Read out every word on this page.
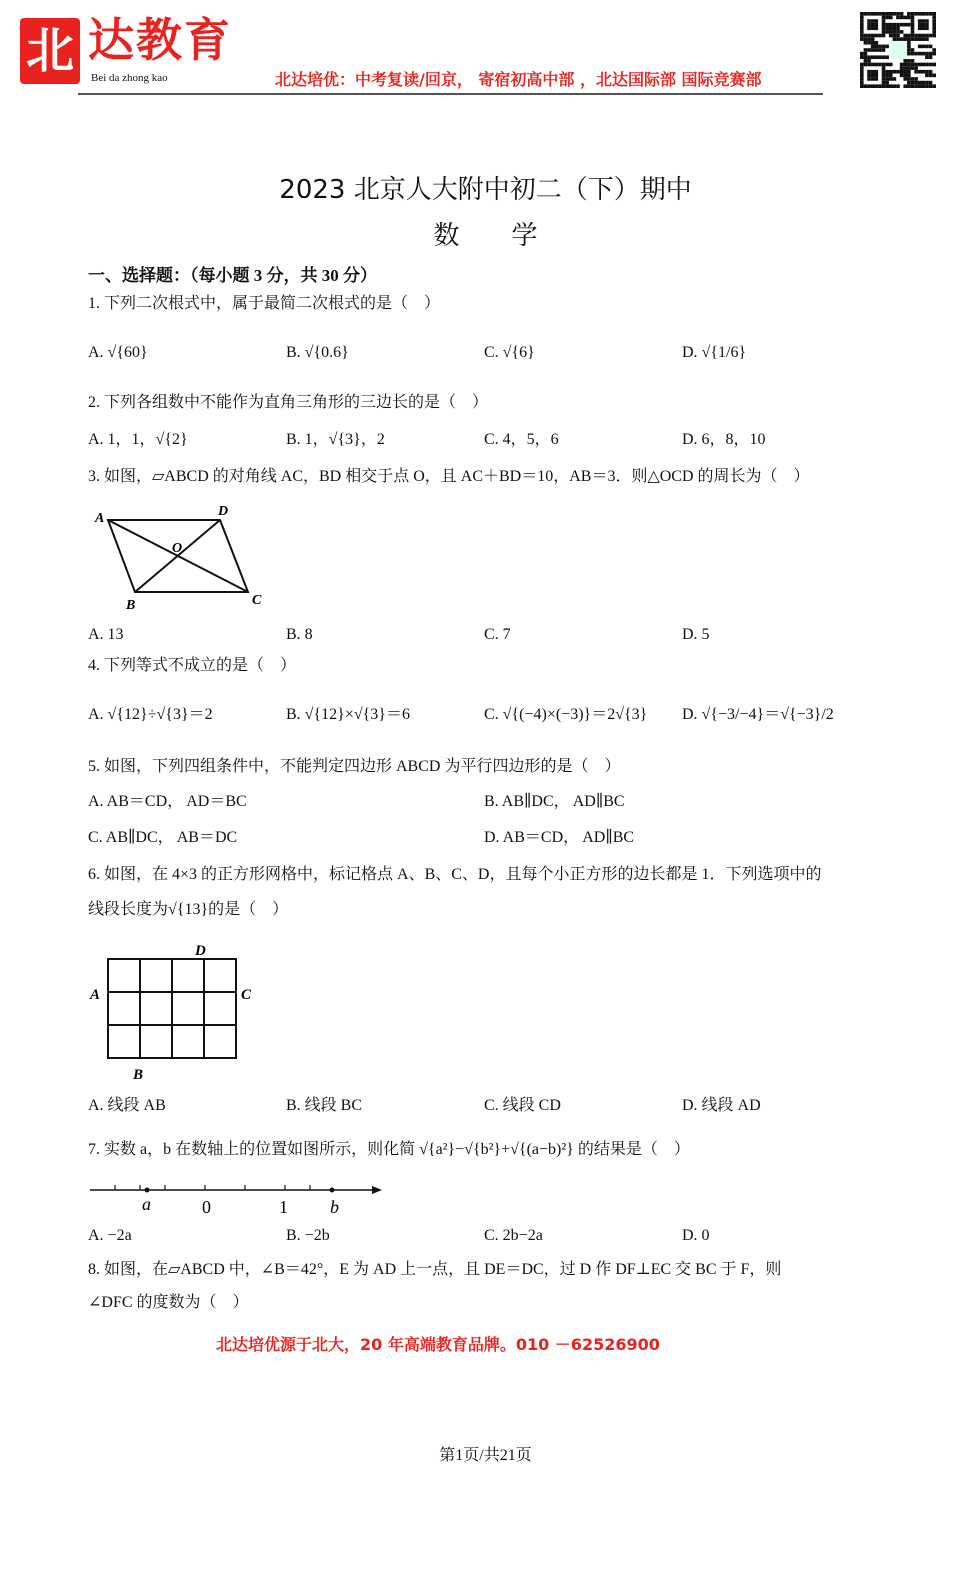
北 达教育
Bei da zhong kao	北达培优：中考复读/回京， 寄宿初高中部 ，北达国际部 国际竞赛部
2023 北京人大附中初二（下）期中
数　　学
一、选择题：（每小题 3 分，共 30 分）
1. 下列二次根式中，属于最简二次根式的是（　）
A. √{60}	B. √{0.6}	C. √{6}	D. √{1/6}
2. 下列各组数中不能作为直角三角形的三边长的是（　）
A. 1，1，√{2}	B. 1，√{3}，2	C. 4，5，6	D. 6，8，10
3. 如图，▱ABCD 的对角线 AC，BD 相交于点 O，且 AC＋BD＝10，AB＝3．则△OCD 的周长为（　）
A	D
O
B	C
A. 13	B. 8	C. 7	D. 5
4. 下列等式不成立的是（　）
A. √{12}÷√{3}＝2	B. √{12}×√{3}＝6	C. √{(−4)×(−3)}＝2√{3} D. √{−3/−4}＝√{−3}/2
5. 如图，下列四组条件中，不能判定四边形 ABCD 为平行四边形的是（　）
A. AB＝CD， AD＝BC	B. AB∥DC， AD∥BC
C. AB∥DC， AB＝DC	D. AB＝CD， AD∥BC
6. 如图，在 4×3 的正方形网格中，标记格点 A、B、C、D，且每个小正方形的边长都是 1．下列选项中的
线段长度为√{13}的是（　）
D
A	C
B
A. 线段 AB	B. 线段 BC	C. 线段 CD	D. 线段 AD
7. 实数 a，b 在数轴上的位置如图所示，则化简 √{a²}−√{b²}+√{(a−b)²} 的结果是（　）
a	0	1 b
A. −2a	B. −2b	C. 2b−2a	D. 0
8. 如图，在▱ABCD 中，∠B＝42°，E 为 AD 上一点，且 DE＝DC，过 D 作 DF⊥EC 交 BC 于 F，则
∠DFC 的度数为（　）
北达培优源于北大，20 年高端教育品牌。010 －62526900
第1页/共21页
